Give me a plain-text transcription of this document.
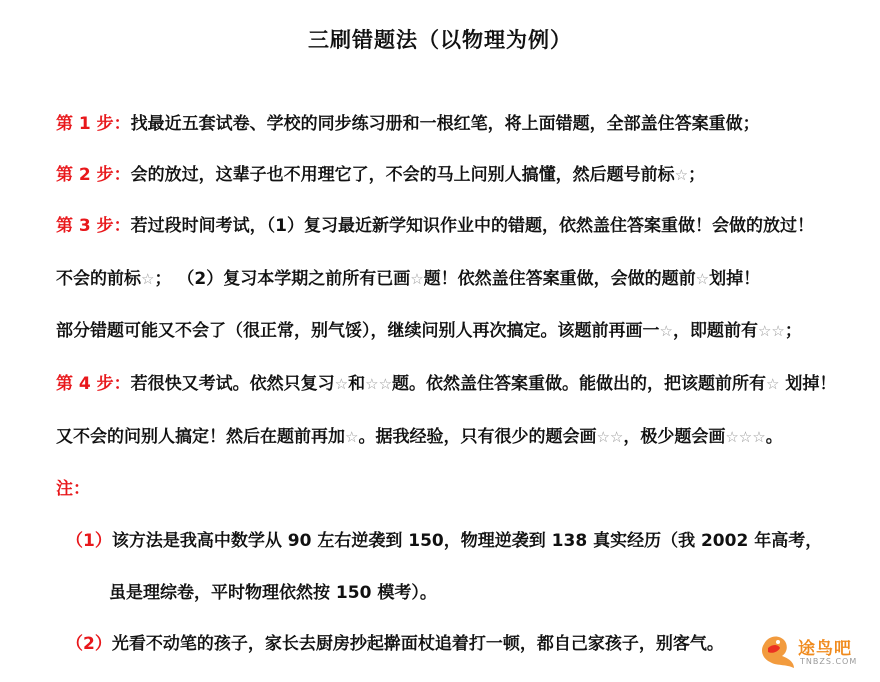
三刷错题法（以物理为例）
第 1 步：找最近五套试卷、学校的同步练习册和一根红笔，将上面错题，全部盖住答案重做；
第 2 步：会的放过，这辈子也不用理它了，不会的马上问别人搞懂，然后题号前标☆；
第 3 步：若过段时间考试，（1）复习最近新学知识作业中的错题，依然盖住答案重做！会做的放过！
不会的前标☆； （2）复习本学期之前所有已画☆题！依然盖住答案重做，会做的题前☆划掉！
部分错题可能又不会了（很正常，别气馁），继续问别人再次搞定。该题前再画一☆，即题前有☆☆；
第 4 步：若很快又考试。依然只复习☆和☆☆题。依然盖住答案重做。能做出的，把该题前所有☆ 划掉！
又不会的问别人搞定！然后在题前再加☆。据我经验，只有很少的题会画☆☆，极少题会画☆☆☆。
注：
（1）该方法是我高中数学从 90 左右逆袭到 150，物理逆袭到 138 真实经历（我 2002 年高考，
虽是理综卷，平时物理依然按 150 模考）。
（2）光看不动笔的孩子，家长去厨房抄起擀面杖追着打一顿，都自己家孩子，别客气。	途鸟吧
TNBZS.COM
